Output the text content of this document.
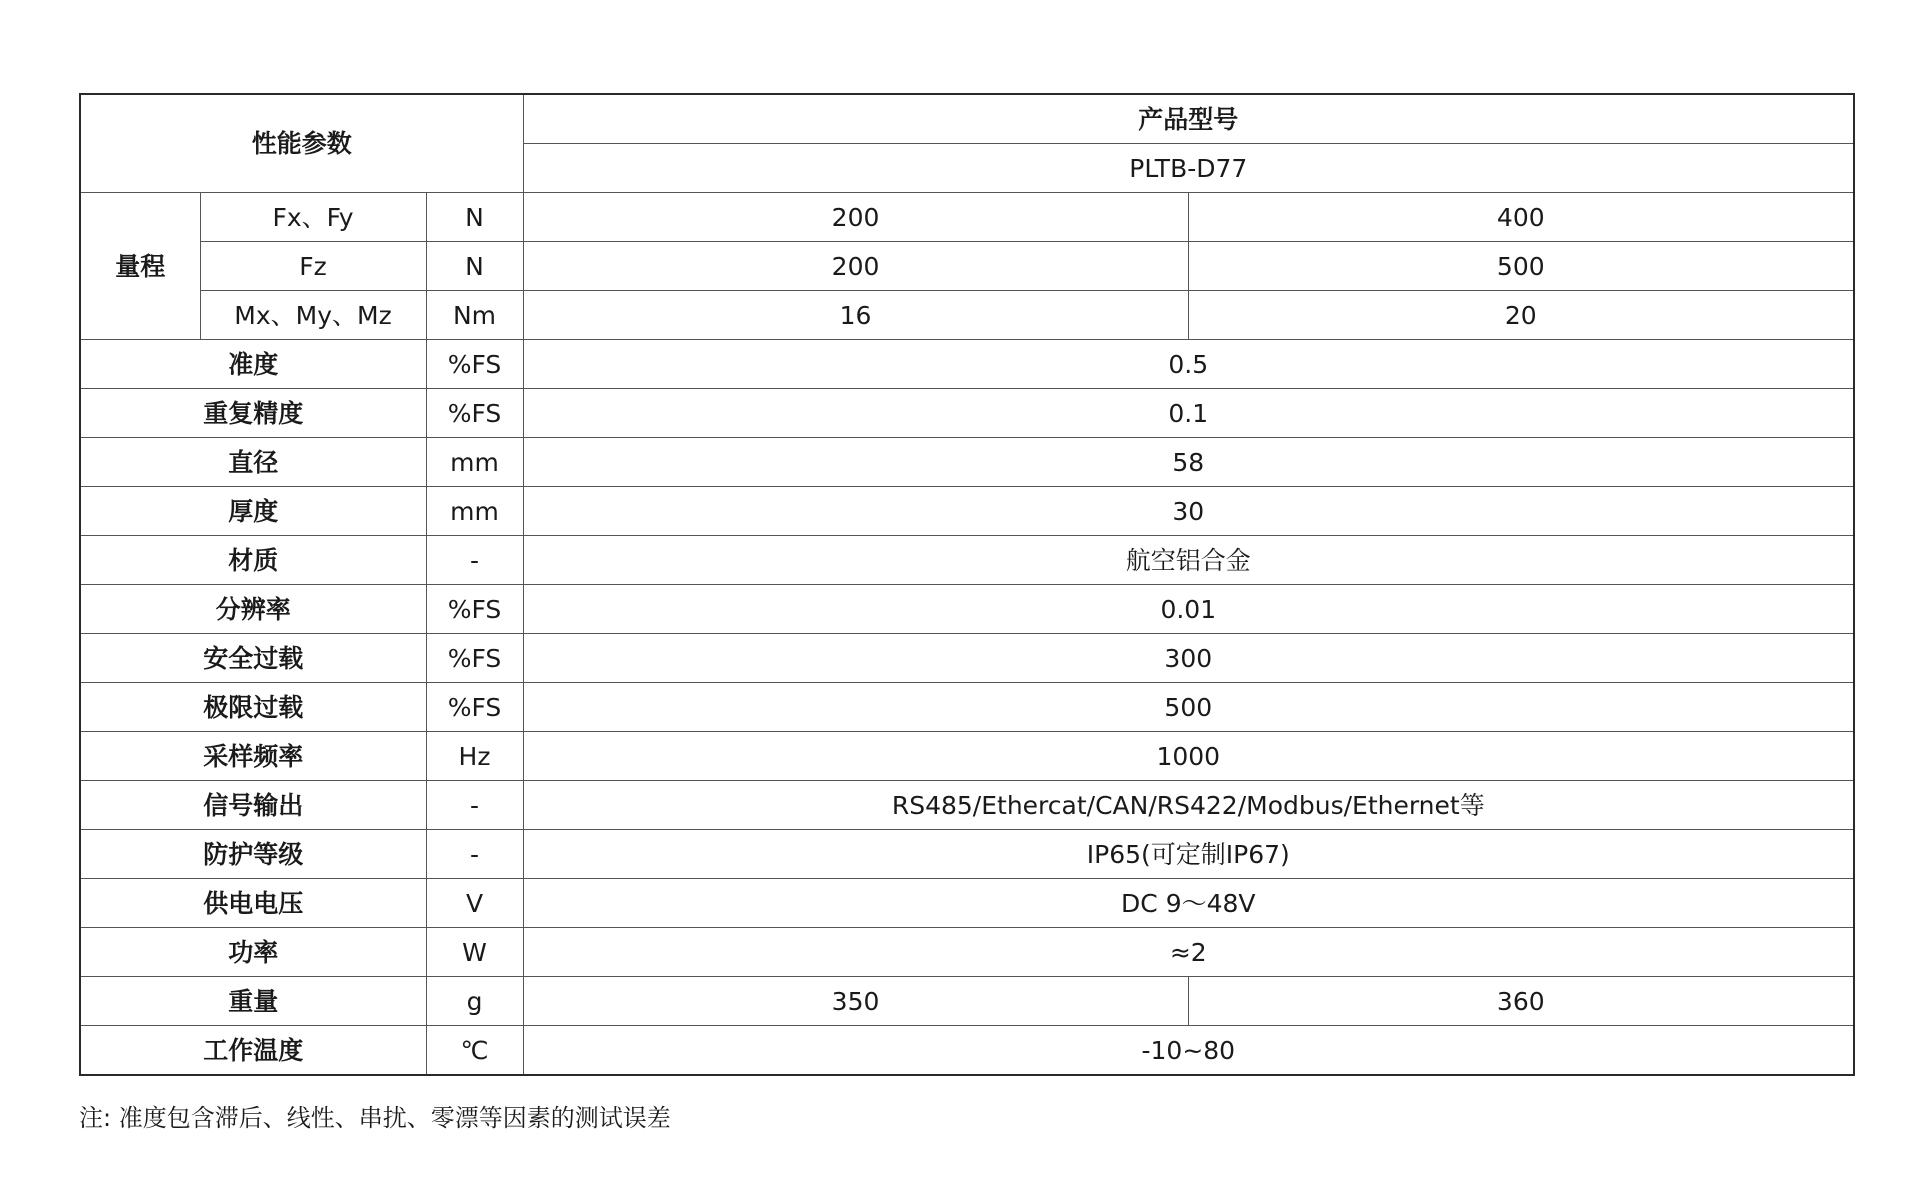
性能参数			产品型号	
			PLTB-D77	
量程	Fx、Fy	N	200	400
	Fz	N	200	500
	Mx、My、Mz	Nm	16	20
准度		%FS	0.5	
重复精度		%FS	0.1	
直径		mm	58	
厚度		mm	30	
材质		-	航空铝合金	
分辨率		%FS	0.01	
安全过载		%FS	300	
极限过载		%FS	500	
采样频率		Hz	1000	
信号输出		-	RS485/Ethercat/CAN/RS422/Modbus/Ethernet等	
防护等级		-	IP65(可定制IP67)	
供电电压		V	DC 9～48V	
功率		W	≈2	
重量		g	350	360
工作温度		℃	-10~80	
注: 准度包含滞后、线性、串扰、零漂等因素的测试误差
